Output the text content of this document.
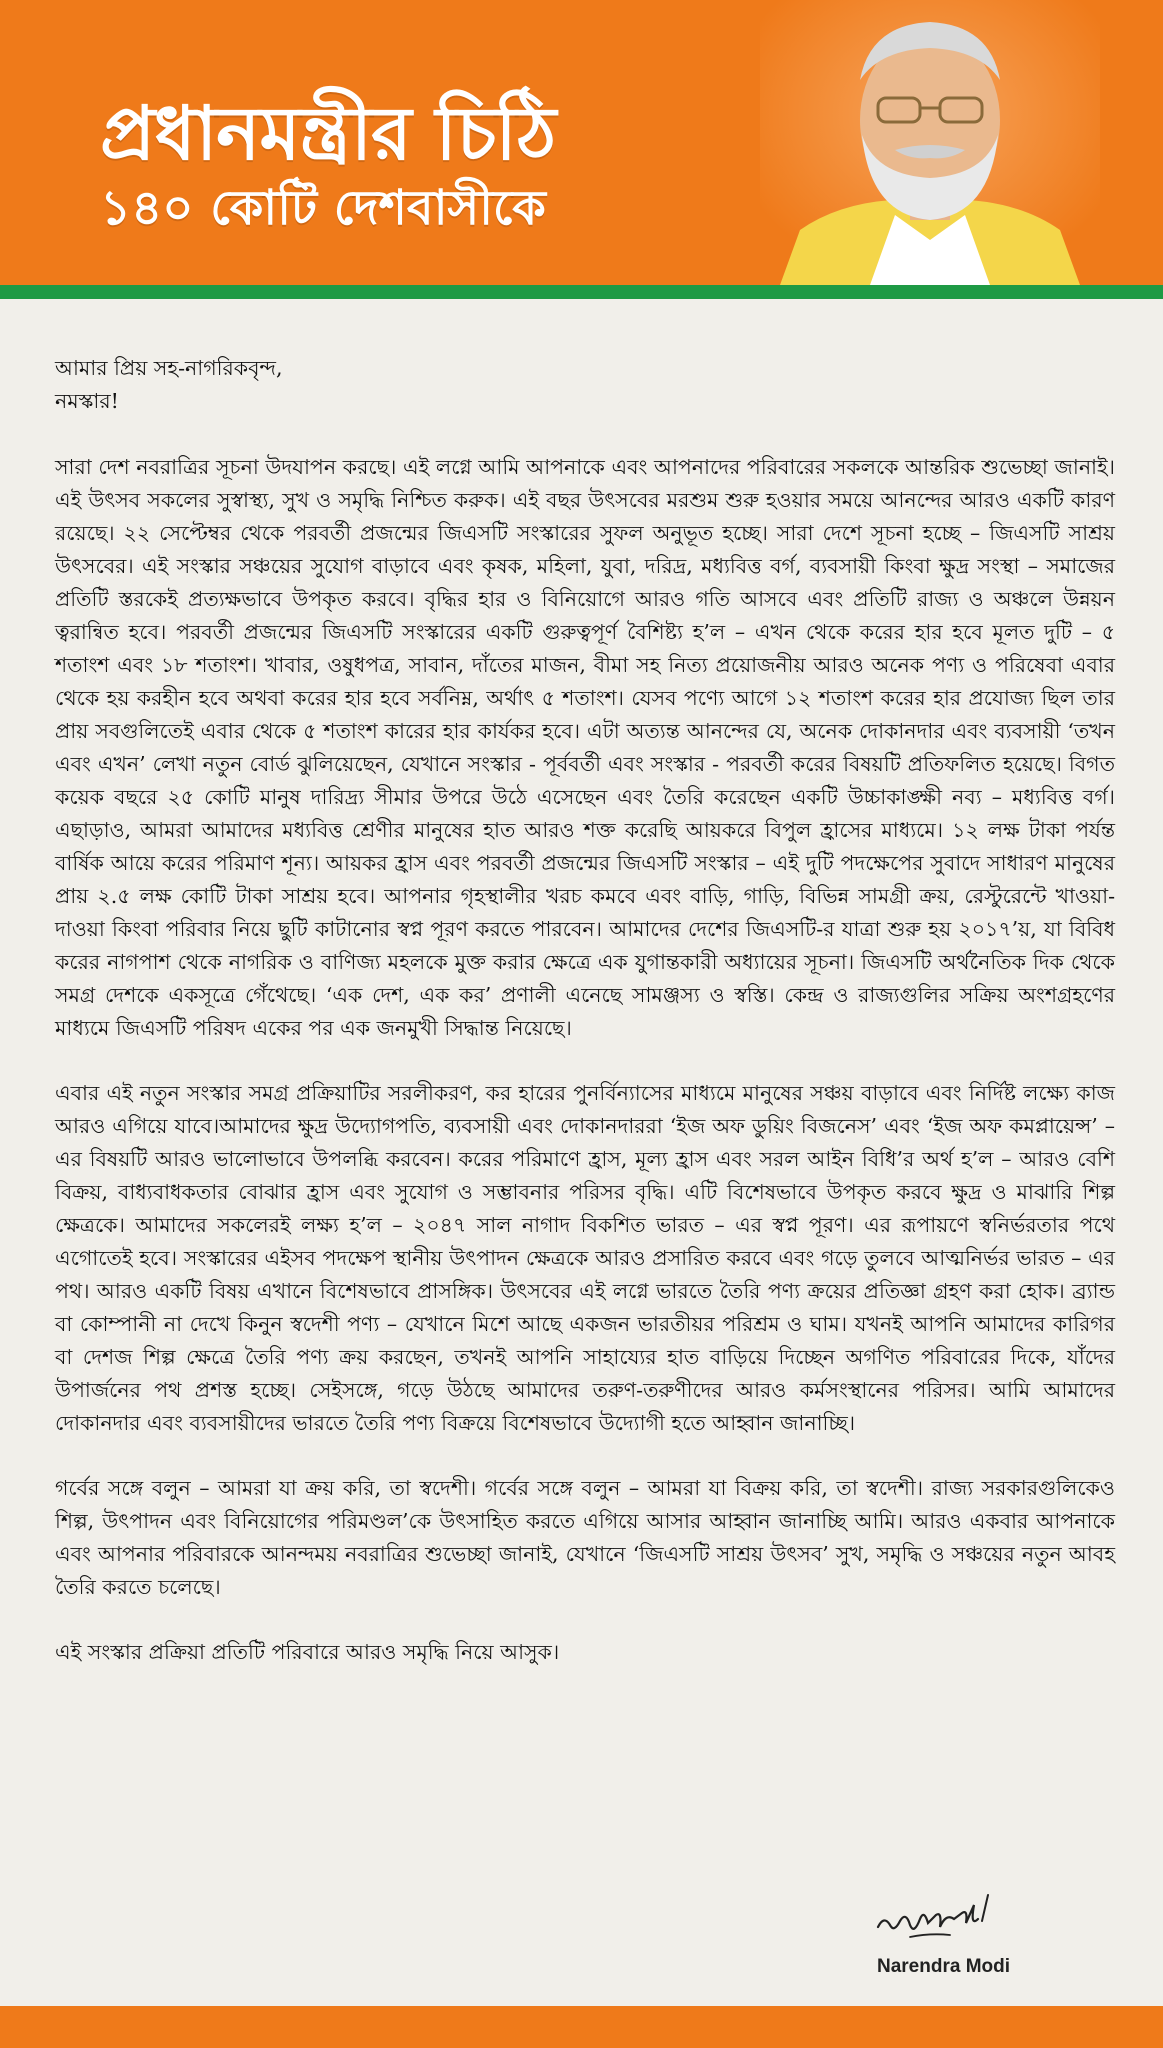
প্রধানমন্ত্রীর চিঠি
১৪০ কোটি দেশবাসীকে

আমার প্রিয় সহ-নাগরিকবৃন্দ,

নমস্কার!

সারা দেশ নবরাত্রির সূচনা উদযাপন করছে। এই লগ্নে আমি আপনাকে এবং আপনাদের পরিবারের সকলকে আন্তরিক শুভেচ্ছা জানাই। এই উৎসব সকলের সুস্বাস্থ্য, সুখ ও সমৃদ্ধি নিশ্চিত করুক। এই বছর উৎসবের মরশুম শুরু হওয়ার সময়ে আনন্দের আরও একটি কারণ রয়েছে। ২২ সেপ্টেম্বর থেকে পরবর্তী প্রজন্মের জিএসটি সংস্কারের সুফল অনুভূত হচ্ছে। সারা দেশে সূচনা হচ্ছে – জিএসটি সাশ্রয় উৎসবের। এই সংস্কার সঞ্চয়ের সুযোগ বাড়াবে এবং কৃষক, মহিলা, যুবা, দরিদ্র, মধ্যবিত্ত বর্গ, ব্যবসায়ী কিংবা ক্ষুদ্র সংস্থা – সমাজের প্রতিটি স্তরকেই প্রত্যক্ষভাবে উপকৃত করবে। বৃদ্ধির হার ও বিনিয়োগে আরও গতি আসবে এবং প্রতিটি রাজ্য ও অঞ্চলে উন্নয়ন ত্বরান্বিত হবে। পরবর্তী প্রজন্মের জিএসটি সংস্কারের একটি গুরুত্বপূর্ণ বৈশিষ্ট্য হ’ল – এখন থেকে করের হার হবে মূলত দুটি – ৫ শতাংশ এবং ১৮ শতাংশ। খাবার, ওষুধপত্র, সাবান, দাঁতের মাজন, বীমা সহ নিত্য প্রয়োজনীয় আরও অনেক পণ্য ও পরিষেবা এবার থেকে হয় করহীন হবে অথবা করের হার হবে সর্বনিম্ন, অর্থাৎ ৫ শতাংশ। যেসব পণ্যে আগে ১২ শতাংশ করের হার প্রযোজ্য ছিল তার প্রায় সবগুলিতেই এবার থেকে ৫ শতাংশ কারের হার কার্যকর হবে। এটা অত্যন্ত আনন্দের যে, অনেক দোকানদার এবং ব্যবসায়ী ‘তখন এবং এখন’ লেখা নতুন বোর্ড ঝুলিয়েছেন, যেখানে সংস্কার - পূর্ববর্তী এবং সংস্কার - পরবর্তী করের বিষয়টি প্রতিফলিত হয়েছে। বিগত কয়েক বছরে ২৫ কোটি মানুষ দারিদ্র্য সীমার উপরে উঠে এসেছেন এবং তৈরি করেছেন একটি উচ্চাকাঙ্ক্ষী নব্য – মধ্যবিত্ত বর্গ। এছাড়াও, আমরা আমাদের মধ্যবিত্ত শ্রেণীর মানুষের হাত আরও শক্ত করেছি আয়করে বিপুল হ্রাসের মাধ্যমে। ১২ লক্ষ টাকা পর্যন্ত বার্ষিক আয়ে করের পরিমাণ শূন্য। আয়কর হ্রাস এবং পরবর্তী প্রজন্মের জিএসটি সংস্কার – এই দুটি পদক্ষেপের সুবাদে সাধারণ মানুষের প্রায় ২.৫ লক্ষ কোটি টাকা সাশ্রয় হবে। আপনার গৃহস্থালীর খরচ কমবে এবং বাড়ি, গাড়ি, বিভিন্ন সামগ্রী ক্রয়, রেস্টুরেন্টে খাওয়া-দাওয়া কিংবা পরিবার নিয়ে ছুটি কাটানোর স্বপ্ন পূরণ করতে পারবেন। আমাদের দেশের জিএসটি-র যাত্রা শুরু হয় ২০১৭’য়, যা বিবিধ করের নাগপাশ থেকে নাগরিক ও বাণিজ্য মহলকে মুক্ত করার ক্ষেত্রে এক যুগান্তকারী অধ্যায়ের সূচনা। জিএসটি অর্থনৈতিক দিক থেকে সমগ্র দেশকে একসূত্রে গেঁথেছে। ‘এক দেশ, এক কর’ প্রণালী এনেছে সামঞ্জস্য ও স্বস্তি। কেন্দ্র ও রাজ্যগুলির সক্রিয় অংশগ্রহণের মাধ্যমে জিএসটি পরিষদ একের পর এক জনমুখী সিদ্ধান্ত নিয়েছে।

এবার এই নতুন সংস্কার সমগ্র প্রক্রিয়াটির সরলীকরণ, কর হারের পুনর্বিন্যাসের মাধ্যমে মানুষের সঞ্চয় বাড়াবে এবং নির্দিষ্ট লক্ষ্যে কাজ আরও এগিয়ে যাবে।আমাদের ক্ষুদ্র উদ্যোগপতি, ব্যবসায়ী এবং দোকানদাররা ‘ইজ অফ ডুয়িং বিজনেস’ এবং ‘ইজ অফ কমপ্লায়েন্স’ – এর বিষয়টি আরও ভালোভাবে উপলব্ধি করবেন। করের পরিমাণে হ্রাস, মূল্য হ্রাস এবং সরল আইন বিধি’র অর্থ হ’ল – আরও বেশি বিক্রয়, বাধ্যবাধকতার বোঝার হ্রাস এবং সুযোগ ও সম্ভাবনার পরিসর বৃদ্ধি। এটি বিশেষভাবে উপকৃত করবে ক্ষুদ্র ও মাঝারি শিল্প ক্ষেত্রকে। আমাদের সকলেরই লক্ষ্য হ’ল – ২০৪৭ সাল নাগাদ বিকশিত ভারত – এর স্বপ্ন পূরণ। এর রূপায়ণে স্বনির্ভরতার পথে এগোতেই হবে। সংস্কারের এইসব পদক্ষেপ স্থানীয় উৎপাদন ক্ষেত্রকে আরও প্রসারিত করবে এবং গড়ে তুলবে আত্মনির্ভর ভারত – এর পথ। আরও একটি বিষয় এখানে বিশেষভাবে প্রাসঙ্গিক। উৎসবের এই লগ্নে ভারতে তৈরি পণ্য ক্রয়ের প্রতিজ্ঞা গ্রহণ করা হোক। ব্র্যান্ড বা কোম্পানী না দেখে কিনুন স্বদেশী পণ্য – যেখানে মিশে আছে একজন ভারতীয়র পরিশ্রম ও ঘাম। যখনই আপনি আমাদের কারিগর বা দেশজ শিল্প ক্ষেত্রে তৈরি পণ্য ক্রয় করছেন, তখনই আপনি সাহায্যের হাত বাড়িয়ে দিচ্ছেন অগণিত পরিবারের দিকে, যাঁদের উপার্জনের পথ প্রশস্ত হচ্ছে। সেইসঙ্গে, গড়ে উঠছে আমাদের তরুণ-তরুণীদের আরও কর্মসংস্থানের পরিসর। আমি আমাদের দোকানদার এবং ব্যবসায়ীদের ভারতে তৈরি পণ্য বিক্রয়ে বিশেষভাবে উদ্যোগী হতে আহ্বান জানাচ্ছি।

গর্বের সঙ্গে বলুন – আমরা যা ক্রয় করি, তা স্বদেশী। গর্বের সঙ্গে বলুন – আমরা যা বিক্রয় করি, তা স্বদেশী। রাজ্য সরকারগুলিকেও শিল্প, উৎপাদন এবং বিনিয়োগের পরিমণ্ডল’কে উৎসাহিত করতে এগিয়ে আসার আহ্বান জানাচ্ছি আমি। আরও একবার আপনাকে এবং আপনার পরিবারকে আনন্দময় নবরাত্রির শুভেচ্ছা জানাই, যেখানে ‘জিএসটি সাশ্রয় উৎসব’ সুখ, সমৃদ্ধি ও সঞ্চয়ের নতুন আবহ তৈরি করতে চলেছে।

এই সংস্কার প্রক্রিয়া প্রতিটি পরিবারে আরও সমৃদ্ধি নিয়ে আসুক।

Narendra Modi
